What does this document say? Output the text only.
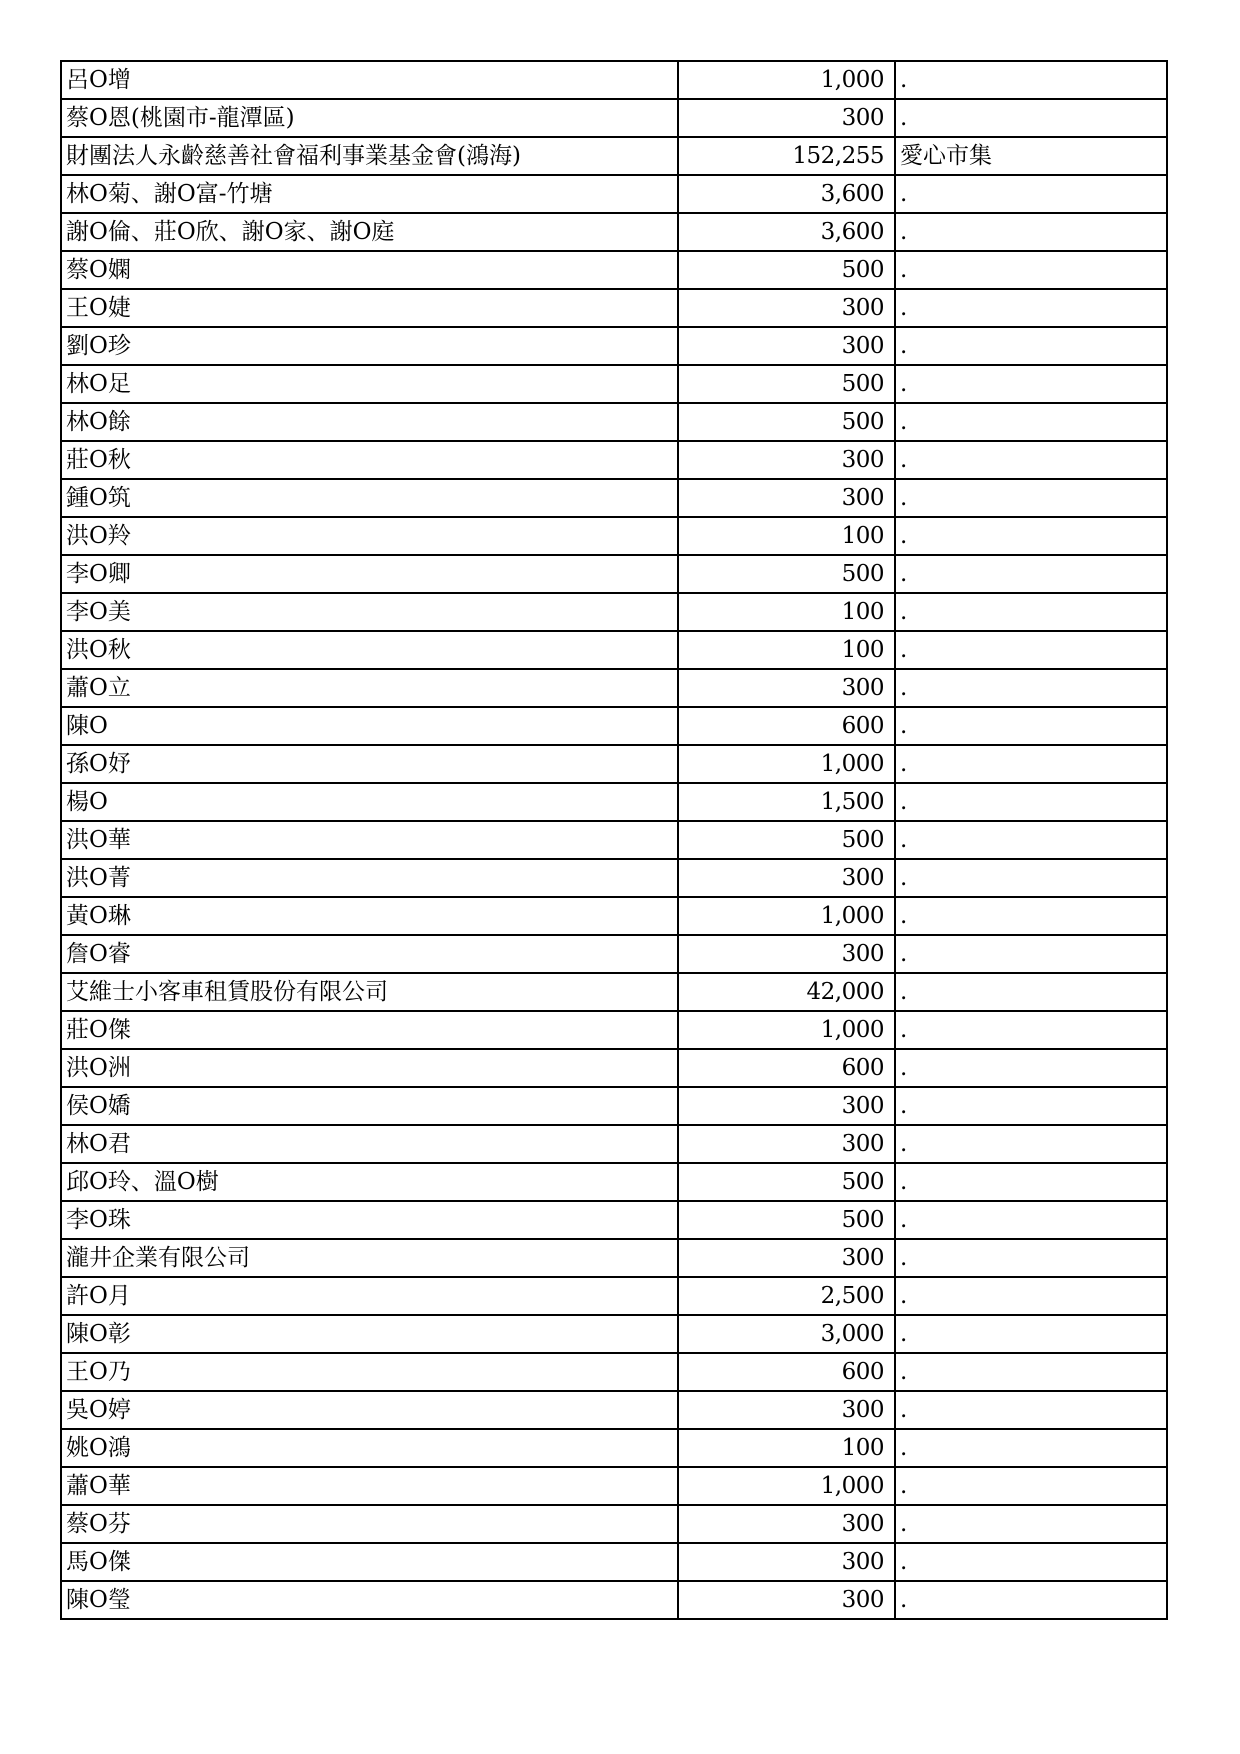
呂O增	1,000	.
蔡O恩(桃園市-龍潭區)	300	.
財團法人永齡慈善社會福利事業基金會(鴻海)	152,255	愛心市集
林O菊、謝O富-竹塘	3,600	.
謝O倫、莊O欣、謝O家、謝O庭	3,600	.
蔡O嫻	500	.
王O婕	300	.
劉O珍	300	.
林O足	500	.
林O餘	500	.
莊O秋	300	.
鍾O筑	300	.
洪O羚	100	.
李O卿	500	.
李O美	100	.
洪O秋	100	.
蕭O立	300	.
陳O	600	.
孫O妤	1,000	.
楊O	1,500	.
洪O華	500	.
洪O菁	300	.
黃O琳	1,000	.
詹O睿	300	.
艾維士小客車租賃股份有限公司	42,000	.
莊O傑	1,000	.
洪O洲	600	.
侯O嬌	300	.
林O君	300	.
邱O玲、溫O樹	500	.
李O珠	500	.
瀧井企業有限公司	300	.
許O月	2,500	.
陳O彰	3,000	.
王O乃	600	.
吳O婷	300	.
姚O鴻	100	.
蕭O華	1,000	.
蔡O芬	300	.
馬O傑	300	.
陳O瑩	300	.
